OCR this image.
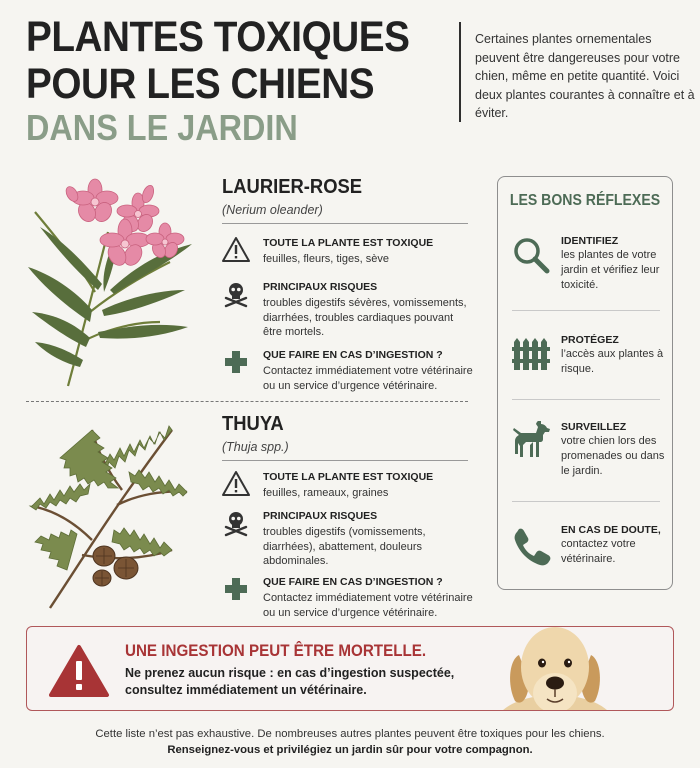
PLANTES TOXIQUES
POUR LES CHIENS
DANS LE JARDIN
Certaines plantes ornementales peuvent être dangereuses pour votre chien, même en petite quantité. Voici deux plantes courantes à connaître et à éviter.
LAURIER-ROSE
(Nerium oleander)
TOUTE LA PLANTE EST TOXIQUE
feuilles, fleurs, tiges, sève
PRINCIPAUX RISQUES
troubles digestifs sévères, vomissements, diarrhées, troubles cardiaques pouvant être mortels.
QUE FAIRE EN CAS D’INGESTION ?
Contactez immédiatement votre vétérinaire ou un service d’urgence vétérinaire.
THUYA
(Thuja spp.)
TOUTE LA PLANTE EST TOXIQUE
feuilles, rameaux, graines
PRINCIPAUX RISQUES
troubles digestifs (vomissements, diarrhées), abattement, douleurs abdominales.
QUE FAIRE EN CAS D’INGESTION ?
Contactez immédiatement votre vétérinaire ou un service d’urgence vétérinaire.
LES BONS RÉFLEXES
IDENTIFIEZ
les plantes de votre jardin et vérifiez leur toxicité.
PROTÉGEZ
l’accès aux plantes à risque.
SURVEILLEZ
votre chien lors des promenades ou dans le jardin.
EN CAS DE DOUTE,
contactez votre vétérinaire.
UNE INGESTION PEUT ÊTRE MORTELLE.
Ne prenez aucun risque : en cas d’ingestion suspectée, consultez immédiatement un vétérinaire.
Cette liste n’est pas exhaustive. De nombreuses autres plantes peuvent être toxiques pour les chiens.
Renseignez-vous et privilégiez un jardin sûr pour votre compagnon.
